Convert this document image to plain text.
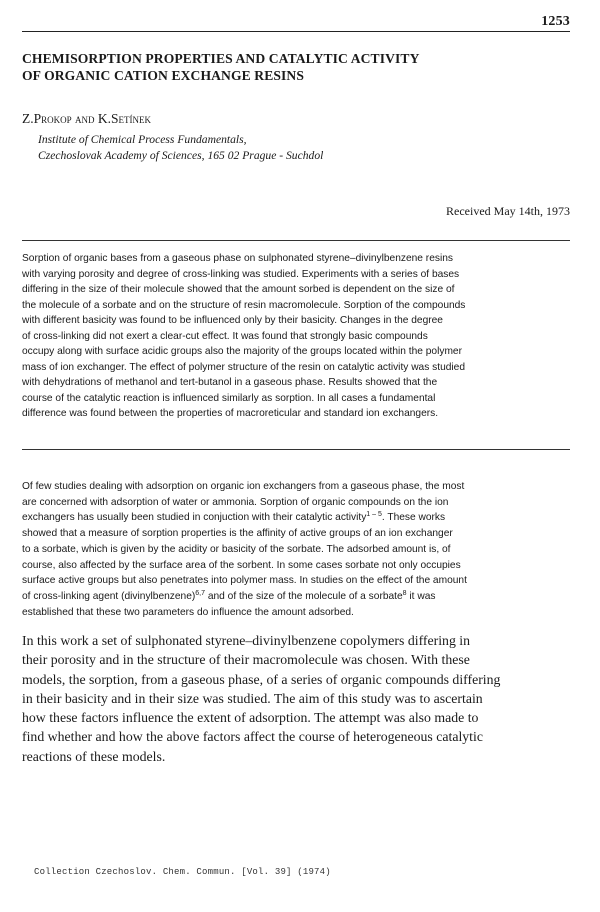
1253
CHEMISORPTION PROPERTIES AND CATALYTIC ACTIVITY
OF ORGANIC CATION EXCHANGE RESINS
Z.Prokop and K.Setínek
Institute of Chemical Process Fundamentals,
Czechoslovak Academy of Sciences, 165 02 Prague - Suchdol
Received May 14th, 1973
Sorption of organic bases from a gaseous phase on sulphonated styrene–divinylbenzene resins
with varying porosity and degree of cross-linking was studied. Experiments with a series of bases
differing in the size of their molecule showed that the amount sorbed is dependent on the size of
the molecule of a sorbate and on the structure of resin macromolecule. Sorption of the compounds
with different basicity was found to be influenced only by their basicity. Changes in the degree
of cross-linking did not exert a clear-cut effect. It was found that strongly basic compounds
occupy along with surface acidic groups also the majority of the groups located within the polymer
mass of ion exchanger. The effect of polymer structure of the resin on catalytic activity was studied
with dehydrations of methanol and tert-butanol in a gaseous phase. Results showed that the
course of the catalytic reaction is influenced similarly as sorption. In all cases a fundamental
difference was found between the properties of macroreticular and standard ion exchangers.
Of few studies dealing with adsorption on organic ion exchangers from a gaseous phase, the most
are concerned with adsorption of water or ammonia. Sorption of organic compounds on the ion
exchangers has usually been studied in conjuction with their catalytic activity$^{1 - 5}$. These works
showed that a measure of sorption properties is the affinity of active groups of an ion exchanger
to a sorbate, which is given by the acidity or basicity of the sorbate. The adsorbed amount is, of
course, also affected by the surface area of the sorbent. In some cases sorbate not only occupies
surface active groups but also penetrates into polymer mass. In studies on the effect of the amount
of cross-linking agent (divinylbenzene)$^{6,7}$ and of the size of the molecule of a sorbate$^8$ it was
established that these two parameters do influence the amount adsorbed.
In this work a set of sulphonated styrene–divinylbenzene copolymers differing in
their porosity and in the structure of their macromolecule was chosen. With these
models, the sorption, from a gaseous phase, of a series of organic compounds differing
in their basicity and in their size was studied. The aim of this study was to ascertain
how these factors influence the extent of adsorption. The attempt was also made to
find whether and how the above factors affect the course of heterogeneous catalytic
reactions of these models.
Collection Czechoslov. Chem. Commun. [Vol. 39] (1974)
